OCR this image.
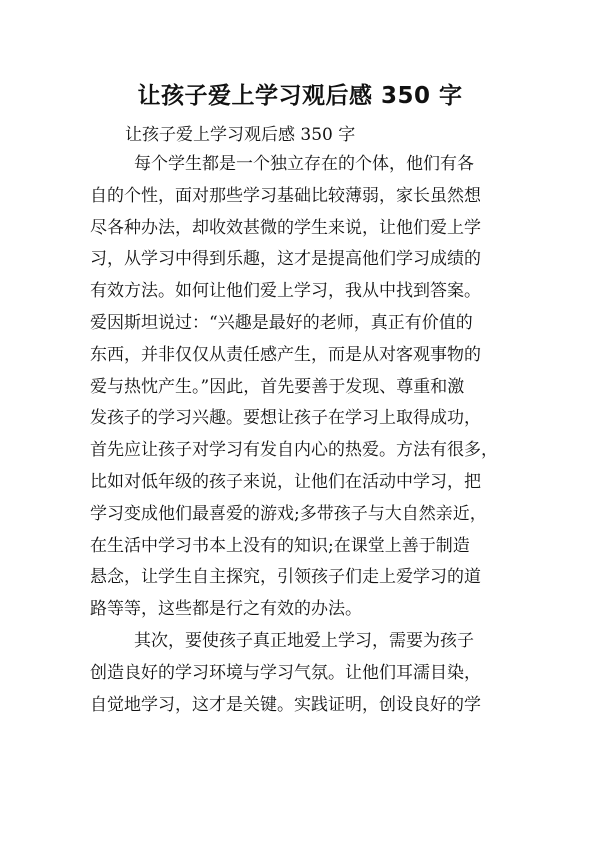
让孩子爱上学习观后感 350 字

让孩子爱上学习观后感 350 字

每个学生都是一个独立存在的个体，他们有各
自的个性，面对那些学习基础比较薄弱，家长虽然想
尽各种办法，却收效甚微的学生来说，让他们爱上学
习，从学习中得到乐趣，这才是提高他们学习成绩的
有效方法。如何让他们爱上学习，我从中找到答案。
爱因斯坦说过：“兴趣是最好的老师，真正有价值的
东西，并非仅仅从责任感产生，而是从对客观事物的
爱与热忱产生。”因此，首先要善于发现、尊重和激
发孩子的学习兴趣。要想让孩子在学习上取得成功，
首先应让孩子对学习有发自内心的热爱。方法有很多，
比如对低年级的孩子来说，让他们在活动中学习，把
学习变成他们最喜爱的游戏;多带孩子与大自然亲近，
在生活中学习书本上没有的知识;在课堂上善于制造
悬念，让学生自主探究，引领孩子们走上爱学习的道
路等等，这些都是行之有效的办法。
其次，要使孩子真正地爱上学习，需要为孩子
创造良好的学习环境与学习气氛。让他们耳濡目染，
自觉地学习，这才是关键。实践证明，创设良好的学
